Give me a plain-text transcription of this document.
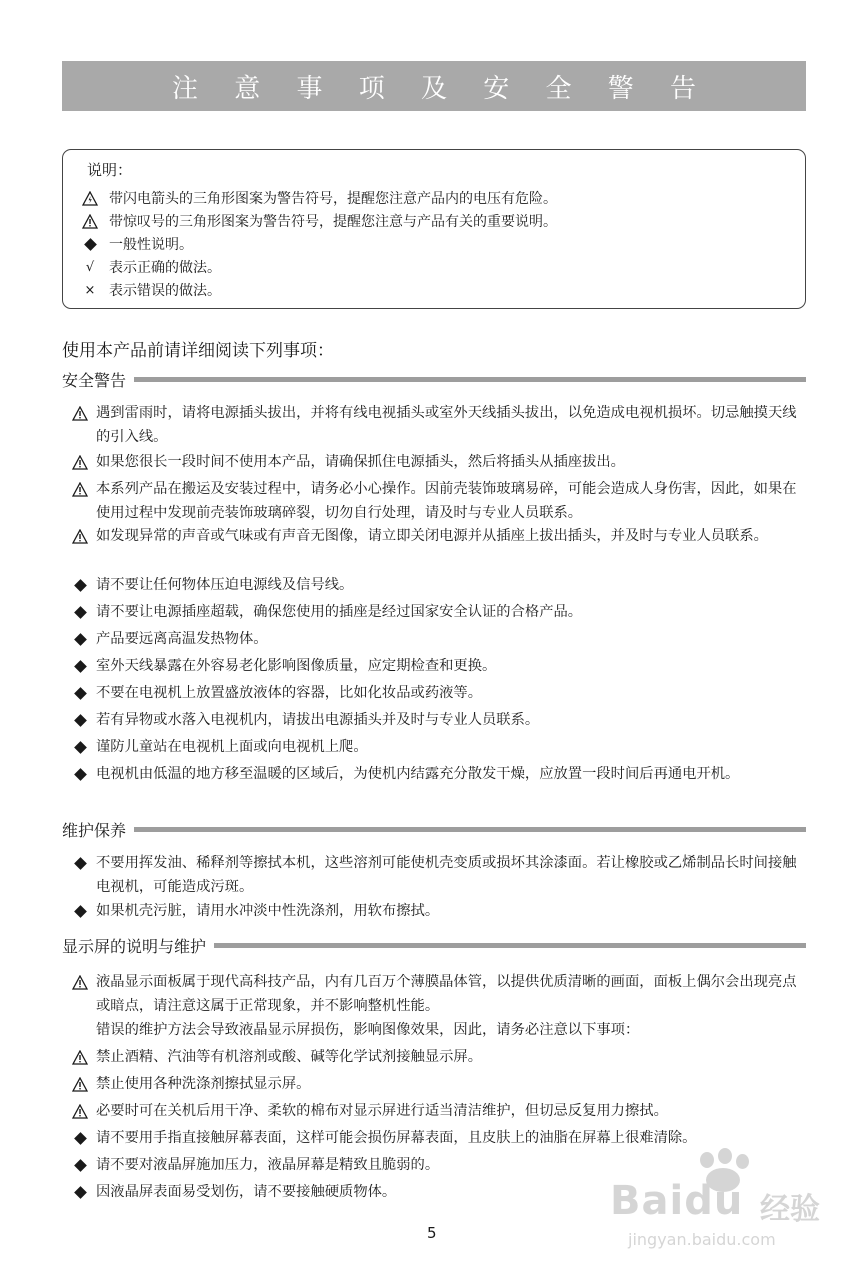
注 意 事 项 及 安 全 警 告
说明：
带闪电箭头的三角形图案为警告符号，提醒您注意产品内的电压有危险。
带惊叹号的三角形图案为警告符号，提醒您注意与产品有关的重要说明。
一般性说明。
√	表示正确的做法。
× 表示错误的做法。
使用本产品前请详细阅读下列事项：
安全警告
遇到雷雨时，请将电源插头拔出，并将有线电视插头或室外天线插头拔出，以免造成电视机损坏。切忌触摸天线的引入线。
如果您很长一段时间不使用本产品，请确保抓住电源插头，然后将插头从插座拔出。
本系列产品在搬运及安装过程中，请务必小心操作。因前壳装饰玻璃易碎，可能会造成人身伤害，因此，如果在使用过程中发现前壳装饰玻璃碎裂，切勿自行处理，请及时与专业人员联系。
如发现异常的声音或气味或有声音无图像，请立即关闭电源并从插座上拔出插头，并及时与专业人员联系。
请不要让任何物体压迫电源线及信号线。
请不要让电源插座超载，确保您使用的插座是经过国家安全认证的合格产品。
产品要远离高温发热物体。
室外天线暴露在外容易老化影响图像质量，应定期检查和更换。
不要在电视机上放置盛放液体的容器，比如化妆品或药液等。
若有异物或水落入电视机内，请拔出电源插头并及时与专业人员联系。
谨防儿童站在电视机上面或向电视机上爬。
电视机由低温的地方移至温暖的区域后，为使机内结露充分散发干燥，应放置一段时间后再通电开机。
维护保养
不要用挥发油、稀释剂等擦拭本机，这些溶剂可能使机壳变质或损坏其涂漆面。若让橡胶或乙烯制品长时间接触电视机，可能造成污斑。
如果机壳污脏，请用水冲淡中性洗涤剂，用软布擦拭。
显示屏的说明与维护
液晶显示面板属于现代高科技产品，内有几百万个薄膜晶体管，以提供优质清晰的画面，面板上偶尔会出现亮点或暗点，请注意这属于正常现象，并不影响整机性能。
错误的维护方法会导致液晶显示屏损伤，影响图像效果，因此，请务必注意以下事项：
禁止酒精、汽油等有机溶剂或酸、碱等化学试剂接触显示屏。
禁止使用各种洗涤剂擦拭显示屏。
必要时可在关机后用干净、柔软的棉布对显示屏进行适当清洁维护，但切忌反复用力擦拭。
请不要用手指直接触屏幕表面，这样可能会损伤屏幕表面，且皮肤上的油脂在屏幕上很难清除。
请不要对液晶屏施加压力，液晶屏幕是精致且脆弱的。
因液晶屏表面易受划伤，请不要接触硬质物体。
5
Baidu 经验
jingyan.baidu.com
